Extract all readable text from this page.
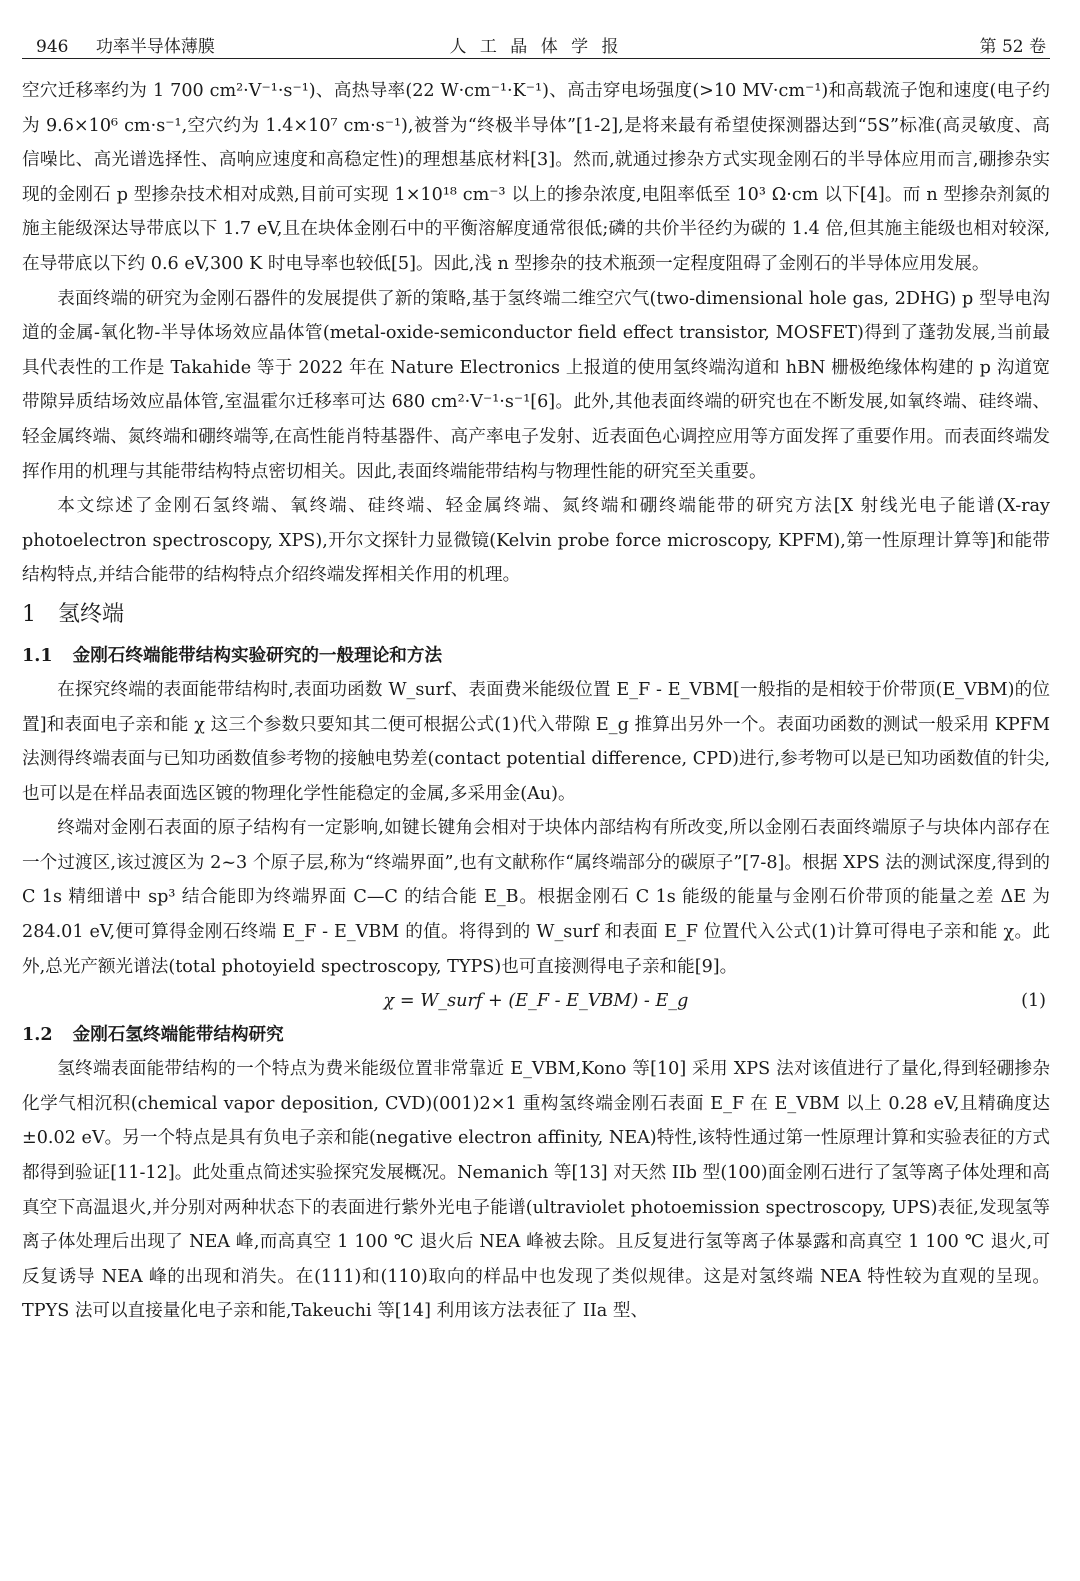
946 功率半导体薄膜	人 工 晶 体 学 报	第 52 卷

空穴迁移率约为 1 700 cm²·V⁻¹·s⁻¹)、高热导率(22 W·cm⁻¹·K⁻¹)、高击穿电场强度(>10 MV·cm⁻¹)和高载流子饱和速度(电子约为 9.6×10⁶ cm·s⁻¹,空穴约为 1.4×10⁷ cm·s⁻¹),被誉为“终极半导体”[1-2],是将来最有希望使探测器达到“5S”标准(高灵敏度、高信噪比、高光谱选择性、高响应速度和高稳定性)的理想基底材料[3]。然而,就通过掺杂方式实现金刚石的半导体应用而言,硼掺杂实现的金刚石 p 型掺杂技术相对成熟,目前可实现 1×10¹⁸ cm⁻³ 以上的掺杂浓度,电阻率低至 10³ Ω·cm 以下[4]。而 n 型掺杂剂氮的施主能级深达导带底以下 1.7 eV,且在块体金刚石中的平衡溶解度通常很低;磷的共价半径约为碳的 1.4 倍,但其施主能级也相对较深,在导带底以下约 0.6 eV,300 K 时电导率也较低[5]。因此,浅 n 型掺杂的技术瓶颈一定程度阻碍了金刚石的半导体应用发展。

表面终端的研究为金刚石器件的发展提供了新的策略,基于氢终端二维空穴气(two-dimensional hole gas, 2DHG) p 型导电沟道的金属-氧化物-半导体场效应晶体管(metal-oxide-semiconductor field effect transistor, MOSFET)得到了蓬勃发展,当前最具代表性的工作是 Takahide 等于 2022 年在 Nature Electronics 上报道的使用氢终端沟道和 hBN 栅极绝缘体构建的 p 沟道宽带隙异质结场效应晶体管,室温霍尔迁移率可达 680 cm²·V⁻¹·s⁻¹[6]。此外,其他表面终端的研究也在不断发展,如氧终端、硅终端、轻金属终端、氮终端和硼终端等,在高性能肖特基器件、高产率电子发射、近表面色心调控应用等方面发挥了重要作用。而表面终端发挥作用的机理与其能带结构特点密切相关。因此,表面终端能带结构与物理性能的研究至关重要。

本文综述了金刚石氢终端、氧终端、硅终端、轻金属终端、氮终端和硼终端能带的研究方法[X 射线光电子能谱(X-ray photoelectron spectroscopy, XPS),开尔文探针力显微镜(Kelvin probe force microscopy, KPFM),第一性原理计算等]和能带结构特点,并结合能带的结构特点介绍终端发挥相关作用的机理。

1 氢终端
1.1 金刚石终端能带结构实验研究的一般理论和方法

在探究终端的表面能带结构时,表面功函数 W_surf、表面费米能级位置 E_F - E_VBM[一般指的是相较于价带顶(E_VBM)的位置]和表面电子亲和能 χ 这三个参数只要知其二便可根据公式(1)代入带隙 E_g 推算出另外一个。表面功函数的测试一般采用 KPFM 法测得终端表面与已知功函数值参考物的接触电势差(contact potential difference, CPD)进行,参考物可以是已知功函数值的针尖,也可以是在样品表面选区镀的物理化学性能稳定的金属,多采用金(Au)。

终端对金刚石表面的原子结构有一定影响,如键长键角会相对于块体内部结构有所改变,所以金刚石表面终端原子与块体内部存在一个过渡区,该过渡区为 2~3 个原子层,称为“终端界面”,也有文献称作“属终端部分的碳原子”[7-8]。根据 XPS 法的测试深度,得到的 C 1s 精细谱中 sp³ 结合能即为终端界面 C—C 的结合能 E_B。根据金刚石 C 1s 能级的能量与金刚石价带顶的能量之差 ΔE 为 284.01 eV,便可算得金刚石终端 E_F - E_VBM 的值。将得到的 W_surf 和表面 E_F 位置代入公式(1)计算可得电子亲和能 χ。此外,总光产额光谱法(total photoyield spectroscopy, TYPS)也可直接测得电子亲和能[9]。

χ = W_surf + (E_F - E_VBM) - E_g	(1)
1.2 金刚石氢终端能带结构研究

氢终端表面能带结构的一个特点为费米能级位置非常靠近 E_VBM,Kono 等[10] 采用 XPS 法对该值进行了量化,得到轻硼掺杂化学气相沉积(chemical vapor deposition, CVD)(001)2×1 重构氢终端金刚石表面 E_F 在 E_VBM 以上 0.28 eV,且精确度达 ±0.02 eV。另一个特点是具有负电子亲和能(negative electron affinity, NEA)特性,该特性通过第一性原理计算和实验表征的方式都得到验证[11-12]。此处重点简述实验探究发展概况。Nemanich 等[13] 对天然 IIb 型(100)面金刚石进行了氢等离子体处理和高真空下高温退火,并分别对两种状态下的表面进行紫外光电子能谱(ultraviolet photoemission spectroscopy, UPS)表征,发现氢等离子体处理后出现了 NEA 峰,而高真空 1 100 ℃ 退火后 NEA 峰被去除。且反复进行氢等离子体暴露和高真空 1 100 ℃ 退火,可反复诱导 NEA 峰的出现和消失。在(111)和(110)取向的样品中也发现了类似规律。这是对氢终端 NEA 特性较为直观的呈现。TPYS 法可以直接量化电子亲和能,Takeuchi 等[14] 利用该方法表征了 IIa 型、
